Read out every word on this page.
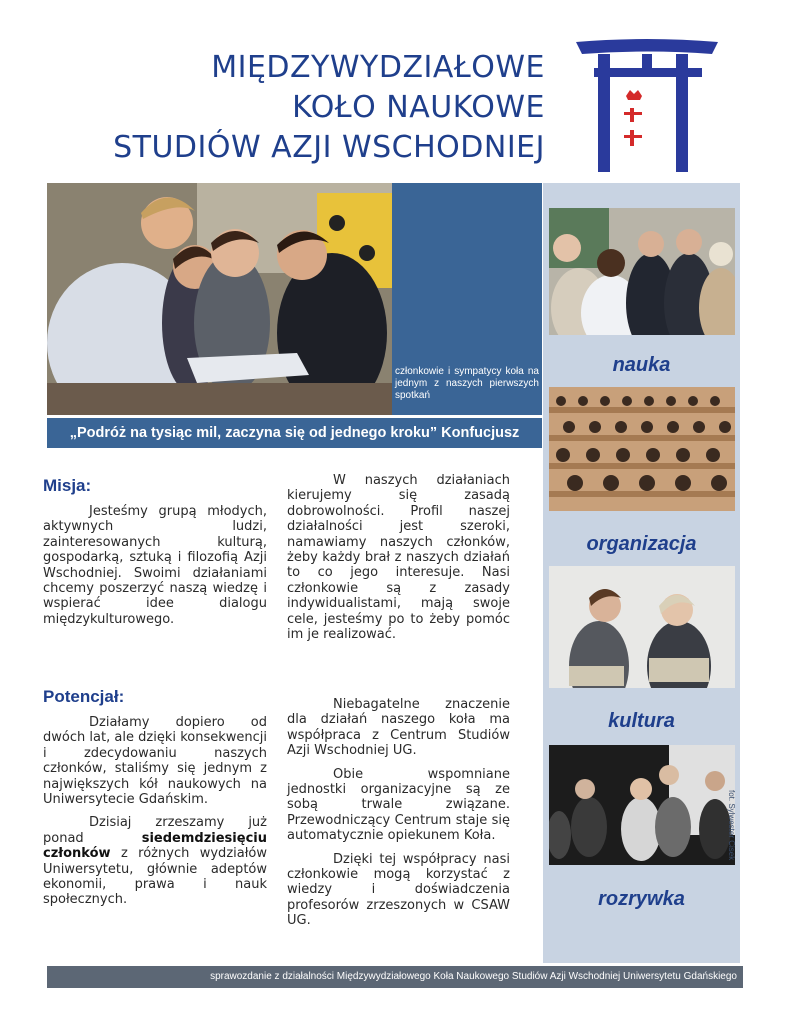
MIĘDZYWYDZIAŁOWE
KOŁO NAUKOWE
STUDIÓW AZJI WSCHODNIEJ
członkowie i sympatycy koła na jednym z naszych pierwszych spotkań
„Podróż na tysiąc mil, zaczyna się od jednego kroku” Konfucjusz
nauka
organizacja
kultura
fot. Sylwester Cisek
rozrywka
Misja:

Jesteśmy grupą młodych, aktywnych ludzi, zainteresowanych kulturą, gospodarką, sztuką i filozofią Azji Wschodniej. Swoimi działaniami chcemy poszerzyć naszą wiedzę i wspierać idee dialogu międzykulturowego.

W naszych działaniach kierujemy się zasadą dobrowolności. Profil naszej działalności jest szeroki, namawiamy naszych członków, żeby każdy brał z naszych działań to co jego interesuje. Nasi członkowie są z zasady indywidualistami, mają swoje cele, jesteśmy po to żeby pomóc im je realizować.

Niebagatelne znaczenie dla działań naszego koła ma współpraca z Centrum Studiów Azji Wschodniej UG.

Obie wspomniane jednostki organizacyjne są ze sobą trwale związane. Przewodniczący Centrum staje się automatycznie opiekunem Koła.

Dzięki tej współpracy nasi członkowie mogą korzystać z wiedzy i doświadczenia profesorów zrzeszonych w CSAW UG.

Potencjał:

Działamy dopiero od dwóch lat, ale dzięki konsekwencji i zdecydowaniu naszych członków, staliśmy się jednym z największych kół naukowych na Uniwersytecie Gdańskim.

Dzisiaj zrzeszamy już ponad siedemdziesięciu członków z różnych wydziałów Uniwersytetu, głównie adeptów ekonomii, prawa i nauk społecznych.

sprawozdanie z działalności Międzywydziałowego Koła Naukowego Studiów Azji Wschodniej Uniwersytetu Gdańskiego
